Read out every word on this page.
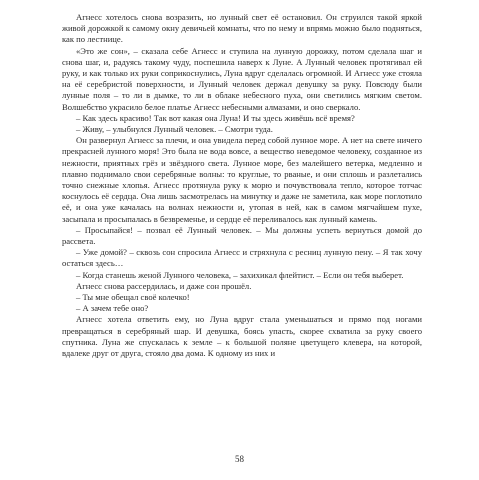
Агнесс хотелось снова возразить, но лунный свет её остановил. Он струился такой яркой живой дорожкой к самому окну девичьей комнаты, что по нему и впрямь можно было подняться, как по лестнице.

«Это же сон», – сказала себе Агнесс и ступила на лунную дорожку, потом сделала шаг и снова шаг, и, радуясь такому чуду, поспешила наверх к Луне. А Лунный человек протягивал ей руку, и как только их руки соприкоснулись, Луна вдруг сделалась огромной. И Агнесс уже стояла на её серебристой поверхности, и Лунный человек держал девушку за руку. Повсюду были лунные поля – то ли в дымке, то ли в облаке небесного пуха, они светились мягким светом. Волшебство украсило белое платье Агнесс небесными алмазами, и оно сверкало.

– Как здесь красиво! Так вот какая она Луна! И ты здесь живёшь всё время?

– Живу, – улыбнулся Лунный человек. – Смотри туда.

Он развернул Агнесс за плечи, и она увидела перед собой лунное море. А нет на свете ничего прекрасней лунного моря! Это была не вода вовсе, а вещество неведомое человеку, созданное из нежности, приятных грёз и звёздного света. Лунное море, без малейшего ветерка, медленно и плавно поднимало свои серебряные волны: то круглые, то рваные, и они сплошь и разлетались точно снежные хлопья. Агнесс протянула руку к морю и почувствовала тепло, которое тотчас коснулось её сердца. Она лишь засмотрелась на минутку и даже не заметила, как море поглотило её, и она уже качалась на волнах нежности и, утопая в ней, как в самом мягчайшем пухе, засыпала и просыпалась в безвременье, и сердце её переливалось как лунный камень.

– Просыпайся! – позвал её Лунный человек. – Мы должны успеть вернуться домой до рассвета.

– Уже домой? – сквозь сон спросила Агнесс и стряхнула с ресниц лунную пену. – Я так хочу остаться здесь…

– Когда станешь женой Лунного человека, – захихикал флейтист. – Если он тебя выберет.

Агнесс снова рассердилась, и даже сон прошёл.

– Ты мне обещал своё колечко!

– А зачем тебе оно?

Агнесс хотела ответить ему, но Луна вдруг стала уменьшаться и прямо под ногами превращаться в серебряный шар. И девушка, боясь упасть, скорее схватила за руку своего спутника. Луна же спускалась к земле – к большой поляне цветущего клевера, на которой, вдалеке друг от друга, стояло два дома. К одному из них и

58
